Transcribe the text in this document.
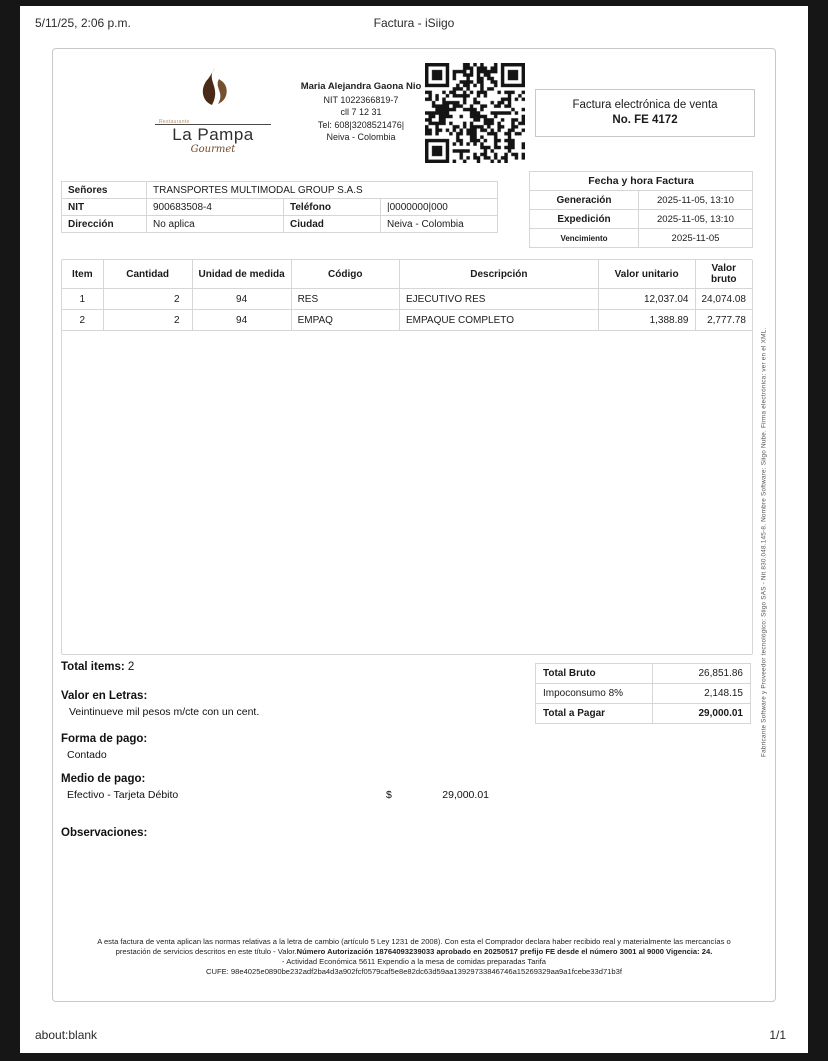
5/11/25, 2:06 p.m.	Factura - iSiigo
Restaurante
La Pampa
Gourmet
Maria Alejandra Gaona Nio
NIT 1022366819-7
cll 7 12 31
Tel: 608|3208521476|
Neiva - Colombia
Factura electrónica de venta
No. FE 4172
Señores	TRANSPORTES MULTIMODAL GROUP S.A.S		
NIT	900683508-4	Teléfono	|0000000|000
Dirección	No aplica	Ciudad	Neiva - Colombia
Fecha y hora Factura	
Generación	2025-11-05, 13:10
Expedición	2025-11-05, 13:10
Vencimiento	2025-11-05
Item	Cantidad	Unidad de medida	Código	Descripción	Valor unitario	Valor bruto
1	2	94	RES	EJECUTIVO RES	12,037.04	24,074.08
2	2	94	EMPAQ	EMPAQUE COMPLETO	1,388.89	2,777.78
Fabricante Software y Proveedor tecnológico: Siigo SAS - Nit 830.048.145-8. Nombre Software: Siigo Nube. Firma electrónica: ver en el XML.
Total items: 2
Valor en Letras:
Veintinueve mil pesos m/cte con un cent.
Total Bruto	26,851.86
Impoconsumo 8%	2,148.15
Total a Pagar	29,000.01
Forma de pago:
Contado
Medio de pago:
Efectivo - Tarjeta Débito	$	29,000.01
Observaciones:
A esta factura de venta aplican las normas relativas a la letra de cambio (artículo 5 Ley 1231 de 2008). Con esta el Comprador declara haber recibido real y materialmente las mercancías o prestación de servicios descritos en este título - Valor.Número Autorización 18764093239033 aprobado en 20250517 prefijo FE desde el número 3001 al 9000 Vigencia: 24.
- Actividad Económica 5611 Expendio a la mesa de comidas preparadas Tarifa
CUFE: 98e4025e0890be232adf2ba4d3a902fcf0579caf5e8e82dc63d59aa13929733846746a15269329aa9a1fcebe33d71b3f
about:blank	1/1
